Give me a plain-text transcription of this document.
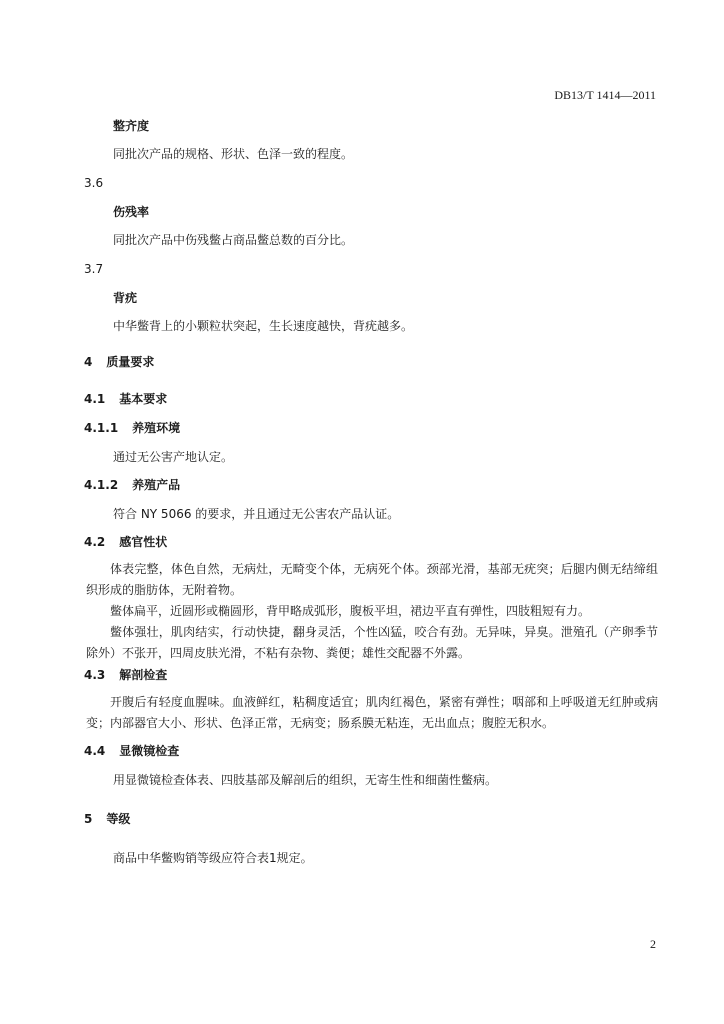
DB13/T 1414—2011
整齐度
同批次产品的规格、形状、色泽一致的程度。
3.6
伤残率
同批次产品中伤残鳖占商品鳖总数的百分比。
3.7
背疣
中华鳖背上的小颗粒状突起，生长速度越快，背疣越多。
4 质量要求
4.1 基本要求
4.1.1 养殖环境
通过无公害产地认定。
4.1.2 养殖产品
符合 NY 5066 的要求，并且通过无公害农产品认证。
4.2 感官性状
体表完整，体色自然，无病灶，无畸变个体，无病死个体。颈部光滑，基部无疣突；后腿内侧无结缔组织形成的脂肪体，无附着物。
鳖体扁平，近圆形或椭圆形，背甲略成弧形，腹板平坦，裙边平直有弹性，四肢粗短有力。
鳖体强壮，肌肉结实，行动快捷，翻身灵活，个性凶猛，咬合有劲。无异味，异臭。泄殖孔（产卵季节除外）不张开，四周皮肤光滑，不粘有杂物、粪便；雄性交配器不外露。
4.3 解剖检查
开腹后有轻度血腥味。血液鲜红，粘稠度适宜；肌肉红褐色，紧密有弹性；咽部和上呼吸道无红肿或病变；内部器官大小、形状、色泽正常，无病变；肠系膜无粘连，无出血点；腹腔无积水。
4.4 显微镜检查
用显微镜检查体表、四肢基部及解剖后的组织，无寄生性和细菌性鳖病。
5 等级
商品中华鳖购销等级应符合表1规定。
2
